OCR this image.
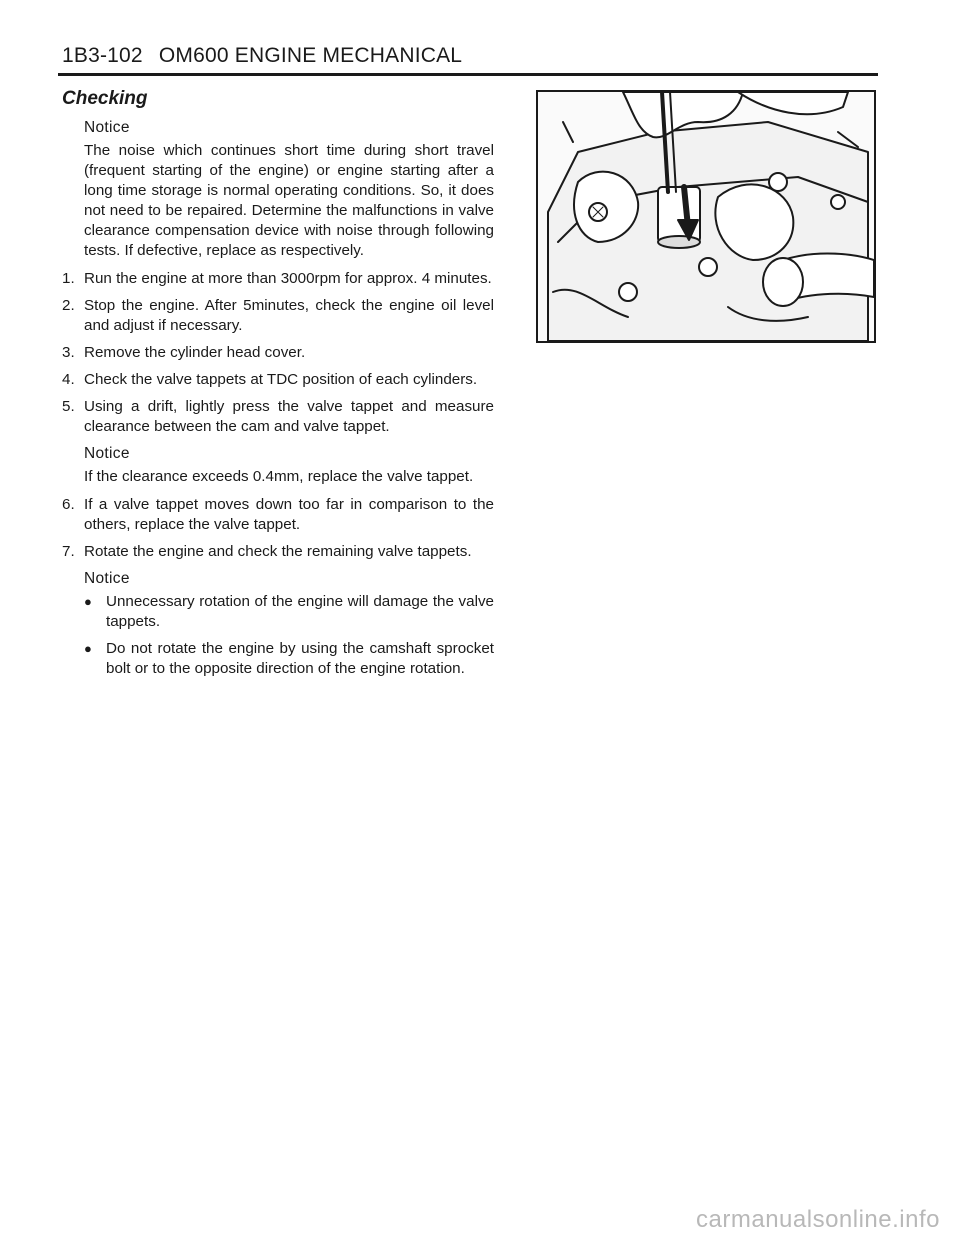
1B3-102 OM600 ENGINE MECHANICAL
Checking

Notice

The noise which continues short time during short travel (frequent starting of the engine) or engine starting after a long time storage is normal operating conditions. So, it does not need to be repaired. Determine the malfunctions in valve clearance compensation device with noise through following tests. If defective, replace as respectively.

1. Run the engine at more than 3000rpm for approx. 4 minutes.
2. Stop the engine. After 5minutes, check the engine oil level and adjust if necessary.
3. Remove the cylinder head cover.
4. Check the valve tappets at TDC position of each cylinders.
5. Using a drift, lightly press the valve tappet and measure clearance between the cam and valve tappet.

Notice

If the clearance exceeds 0.4mm, replace the valve tappet.

6. If a valve tappet moves down too far in comparison to the others, replace the valve tappet.
7. Rotate the engine and check the remaining valve tappets.

Notice

● Unnecessary rotation of the engine will damage the valve tappets.
● Do not rotate the engine by using the camshaft sprocket bolt or to the opposite direction of the engine rotation.
carmanualsonline.info
